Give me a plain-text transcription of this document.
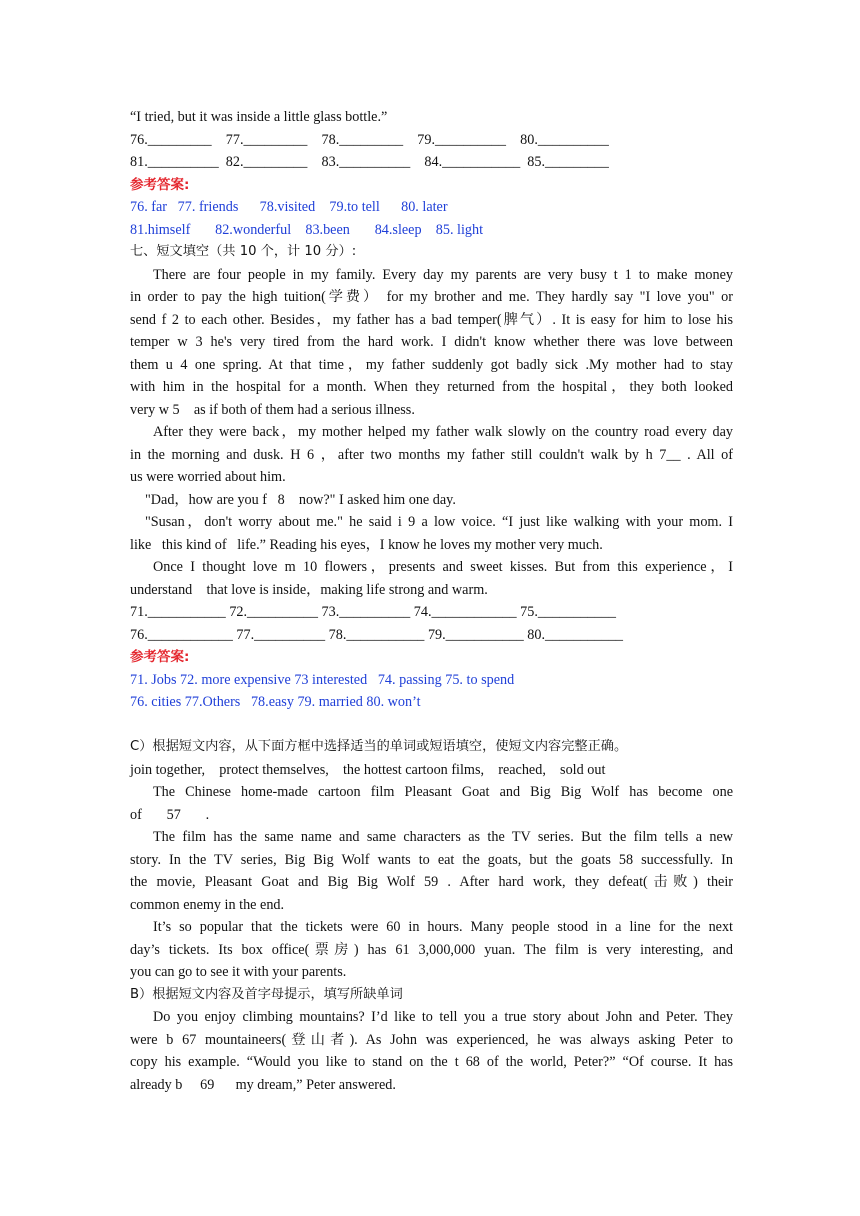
“I tried, but it was inside a little glass bottle.”
76._________    77._________    78._________    79.__________    80.__________
81.__________  82._________    83.__________    84.___________  85._________
参考答案:
76. far   77. friends      78.visited    79.to tell      80. later
81.himself       82.wonderful    83.been       84.sleep    85. light
七、短文填空（共 10 个，计 10 分）:
There are four people in my family. Every day my parents are very busy t 1 to make money
in order to pay the high tuition(学费） for my brother and me. They hardly say "I love you" or
send f 2 to each other. Besides，my father has a bad temper(脾气）. It is easy for him to lose his
temper w 3 he's very tired from the hard work. I didn't know whether there was love between
them u 4 one spring. At that time，my father suddenly got badly sick .My mother had to stay
with him in the hospital for a month. When they returned from the hospital，they both looked
very w 5    as if both of them had a serious illness.
After they were back，my mother helped my father walk slowly on the country road every day
in the morning and dusk. H 6 ，after two months my father still couldn't walk by h 7__ . All of
us were worried about him.
"Dad，how are you f   8    now?" I asked him one day.
"Susan，don't worry about me." he said i 9 a low voice. “I just like walking with your mom. I
like   this kind of   life.” Reading his eyes，I know he loves my mother very much.
Once I thought love m 10 flowers，presents and sweet kisses. But from this experience，I
understand    that love is inside，making life strong and warm.
71.___________ 72.__________ 73.__________ 74.____________ 75.___________
76.____________ 77.__________ 78.___________ 79.___________ 80.___________
参考答案:
71. Jobs 72. more expensive 73 interested   74. passing 75. to spend
76. cities 77.Others   78.easy 79. married 80. won’t
C）根据短文内容，从下面方框中选择适当的单词或短语填空，使短文内容完整正确。
join together,    protect themselves,    the hottest cartoon films,    reached,    sold out
The Chinese home-made cartoon film Pleasant Goat and Big Big Wolf has become one
of       57       .
The film has the same name and same characters as the TV series. But the film tells a new
story. In the TV series, Big Big Wolf wants to eat the goats, but the goats 58 successfully. In
the movie, Pleasant Goat and Big Big Wolf 59 . After hard work, they defeat(击败) their
common enemy in the end.
It’s so popular that the tickets were 60 in hours. Many people stood in a line for the next
day’s tickets. Its box office(票房) has 61 3,000,000 yuan. The film is very interesting, and
you can go to see it with your parents.
B）根据短文内容及首字母提示，填写所缺单词
Do you enjoy climbing mountains? I’d like to tell you a true story about John and Peter. They
were b 67 mountaineers(登山者). As John was experienced, he was always asking Peter to
copy his example. “Would you like to stand on the t 68 of the world, Peter?” “Of course. It has
already b     69      my dream,” Peter answered.
